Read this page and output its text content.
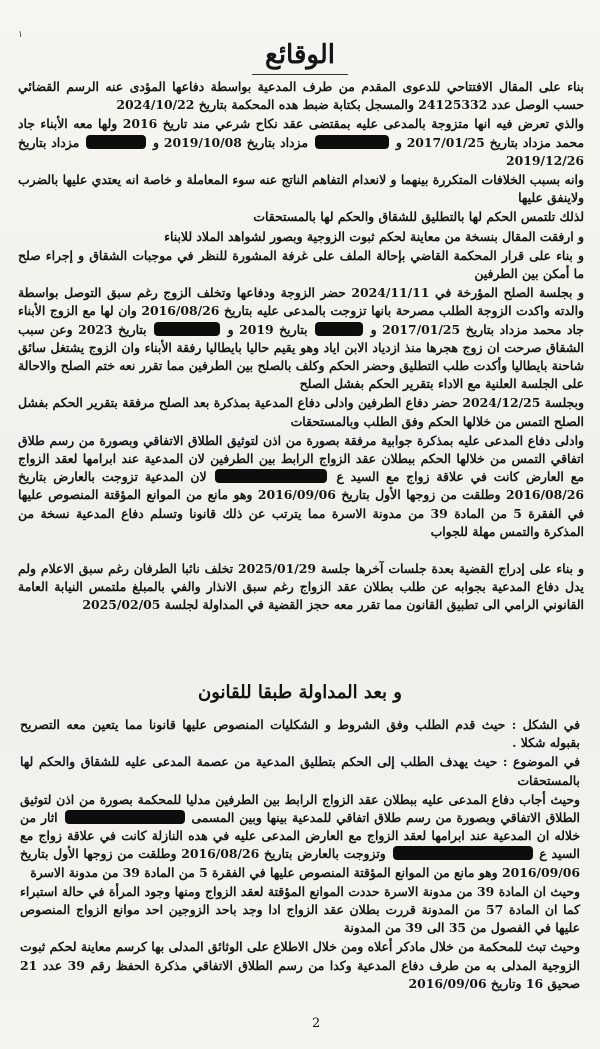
١
الوقائع

بناء على المقال الافتتاحي للدعوى المقدم من طرف المدعية بواسطة دفاعها المؤدى عنه الرسم القضائي حسب الوصل عدد 24125332 والمسجل بكتابة ضبط هده المحكمة بتاريخ 2024/10/22

والذي تعرض فيه انها متزوجة بالمدعى عليه بمقتضى عقد نكاح شرعي مند تاريخ 2016 ولها معه الأبناء جاد محمد مزداد بتاريخ 2017/01/25 و  مزداد بتاريخ 2019/10/08 و  مزداد بتاريخ 2019/12/26

وانه بسبب الخلافات المتكررة بينهما و لانعدام التفاهم الناتج عنه سوء المعاملة و خاصة انه يعتدي عليها بالضرب ولاينفق عليها

لذلك تلتمس الحكم لها بالتطليق للشقاق والحكم لها بالمستحقات

و ارفقت المقال بنسخة من معاينة لحكم ثبوت الزوجية وبصور لشواهد الملاد للابناء

و بناء على قرار المحكمة القاضي بإحالة الملف على غرفة المشورة للنظر في موجبات الشقاق و إجراء صلح ما أمكن بين الطرفين

و بجلسة الصلح المؤرخة في 2024/11/11 حضر الزوجة ودفاعها وتخلف الزوج رغم سبق التوصل بواسطة والدته واكدت الزوجة الطلب مصرحة بانها تزوجت بالمدعى عليه بتاريخ 2016/08/26 وان لها مع الزوج الأبناء جاد محمد مزداد بتاريخ 2017/01/25 و  بتاريخ 2019 و  بتاريخ 2023 وعن سبب الشقاق صرحت ان زوج هجرها منذ ازدياد الابن اياد وهو يقيم حاليا بايطاليا رفقة الأبناء وان الزوج يشتغل سائق شاحنة بايطاليا وأكدت طلب التطليق وحضر الحكم وكلف بالصلح بين الطرفين مما تقرر نعه ختم الصلح والاحالة على الجلسة العلنية مع الاداء بتقرير الحكم بفشل الصلح

وبجلسة 2024/12/25 حضر دفاع الطرفين وادلى دفاع المدعية بمذكرة بعد الصلح مرفقة بتقرير الحكم بفشل الصلح التمس من خلالها الحكم وفق الطلب وبالمستحقات

وادلى دفاع المدعى عليه بمذكرة جوابية مرفقة بصورة من اذن لتوثيق الطلاق الاتفاقي وبصورة من رسم طلاق اتفاقي التمس من خلالها الحكم ببطلان عقد الزواج الرابط بين الطرفين لان المدعية عند ابرامها لعقد الزواج مع العارض كانت في علاقة زواج مع السيد ع  لان المدعية تزوجت بالعارض بتاريخ 2016/08/26 وطلقت من زوجها الأول بتاريخ 2016/09/06 وهو مانع من الموانع المؤقتة المنصوص عليها في الفقرة 5 من المادة 39 من مدونة الاسرة مما يترتب عن ذلك قانونا وتسلم دفاع المدعية نسخة من المذكرة والتمس مهلة للجواب

و بناء على إدراج القضية بعدة جلسات آخرها جلسة 2025/01/29 تخلف نائبا الطرفان رغم سبق الاعلام ولم يدل دفاع المدعية بجوابه عن طلب بطلان عقد الزواج رغم سبق الانذار والفي بالمبلغ ملتمس النيابة العامة القانوني الرامي الى تطبيق القانون مما تقرر معه حجز القضية في المداولة لجلسة 2025/02/05

و بعد المداولة طبقا للقانون

في الشكل : حيث قدم الطلب وفق الشروط و الشكليات المنصوص عليها قانونا مما يتعين معه التصريح بقبوله شكلا .

في الموضوع : حيث يهدف الطلب إلى الحكم بتطليق المدعية من عصمة المدعى عليه للشقاق والحكم لها بالمستحقات

وحيث أجاب دفاع المدعى عليه ببطلان عقد الزواج الرابط بين الطرفين مدليا للمحكمة بصورة من اذن لتوثيق الطلاق الاتفاقي وبصورة من رسم طلاق اتفاقي للمدعية بينها وبين المسمى  اثار من خلاله ان المدعية عند ابرامها لعقد الزواج مع العارض المدعى عليه في هده النازلة كانت في علاقة زواج مع السيد ع  وتزوجت بالعارض بتاريخ 2016/08/26 وطلقت من زوجها الأول بتاريخ 2016/09/06 وهو مانع من الموانع المؤقتة المنصوص عليها في الفقرة 5 من المادة 39 من مدونة الاسرة

وحيث ان المادة 39 من مدونة الاسرة حددت الموانع المؤقتة لعقد الزواج ومنها وجود المرأة في حالة استبراء كما ان المادة 57 من المدونة قررت بطلان عقد الزواج ادا وجد باحد الزوجين احد موانع الزواج المنصوص عليها في الفصول من 35 الى 39 من المدونة

وحيث تبث للمحكمة من خلال مادكر أعلاه ومن خلال الاطلاع على الوثائق المدلى بها كرسم معاينة لحكم ثبوت الزوجية المدلى به من طرف دفاع المدعية وكدا من رسم الطلاق الاتفاقي مذكرة الحفظ رقم 39 عدد 21 صحيق 16 وتاريخ 2016/09/06

2
